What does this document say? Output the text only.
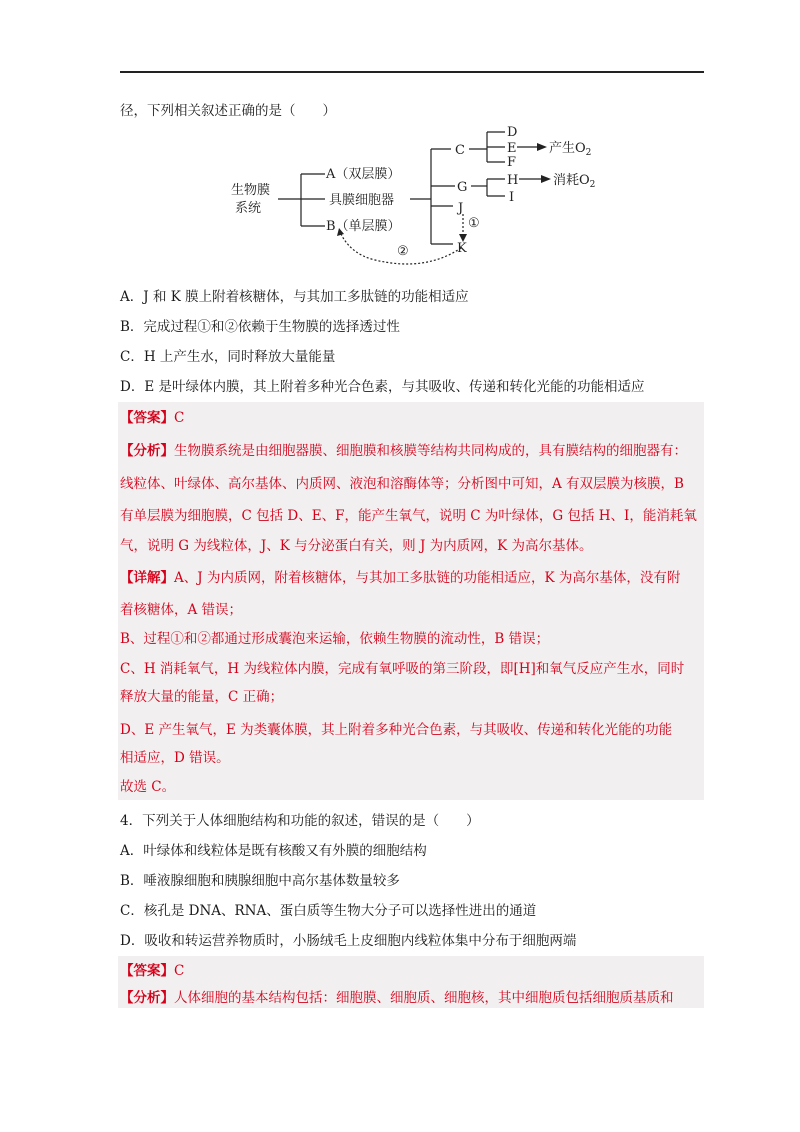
径，下列相关叙述正确的是（　　）
生物膜
系统
A（双层膜）
具膜细胞器
B（单层膜）
C
D
E
F
产生$O_2$
G	H
I
消耗$O_2$
J
①
K
②
A．J 和 K 膜上附着核糖体，与其加工多肽链的功能相适应
B．完成过程①和②依赖于生物膜的选择透过性
C．H 上产生水，同时释放大量能量
D．E 是叶绿体内膜，其上附着多种光合色素，与其吸收、传递和转化光能的功能相适应
【答案】C
【分析】生物膜系统是由细胞器膜、细胞膜和核膜等结构共同构成的，具有膜结构的细胞器有：
线粒体、叶绿体、高尔基体、内质网、液泡和溶酶体等；分析图中可知，A 有双层膜为核膜，B
有单层膜为细胞膜，C 包括 D、E、F，能产生氧气，说明 C 为叶绿体，G 包括 H、I，能消耗氧
气，说明 G 为线粒体，J、K 与分泌蛋白有关，则 J 为内质网，K 为高尔基体。
【详解】A、J 为内质网，附着核糖体，与其加工多肽链的功能相适应，K 为高尔基体，没有附
着核糖体，A 错误；
B、过程①和②都通过形成囊泡来运输，依赖生物膜的流动性，B 错误；
C、H 消耗氧气，H 为线粒体内膜，完成有氧呼吸的第三阶段，即[H]和氧气反应产生水，同时
释放大量的能量，C 正确；
D、E 产生氧气，E 为类囊体膜，其上附着多种光合色素，与其吸收、传递和转化光能的功能
相适应，D 错误。
故选 C。
4．下列关于人体细胞结构和功能的叙述，错误的是（　　）
A．叶绿体和线粒体是既有核酸又有外膜的细胞结构
B．唾液腺细胞和胰腺细胞中高尔基体数量较多
C．核孔是 DNA、RNA、蛋白质等生物大分子可以选择性进出的通道
D．吸收和转运营养物质时，小肠绒毛上皮细胞内线粒体集中分布于细胞两端
【答案】C
【分析】人体细胞的基本结构包括：细胞膜、细胞质、细胞核，其中细胞质包括细胞质基质和
